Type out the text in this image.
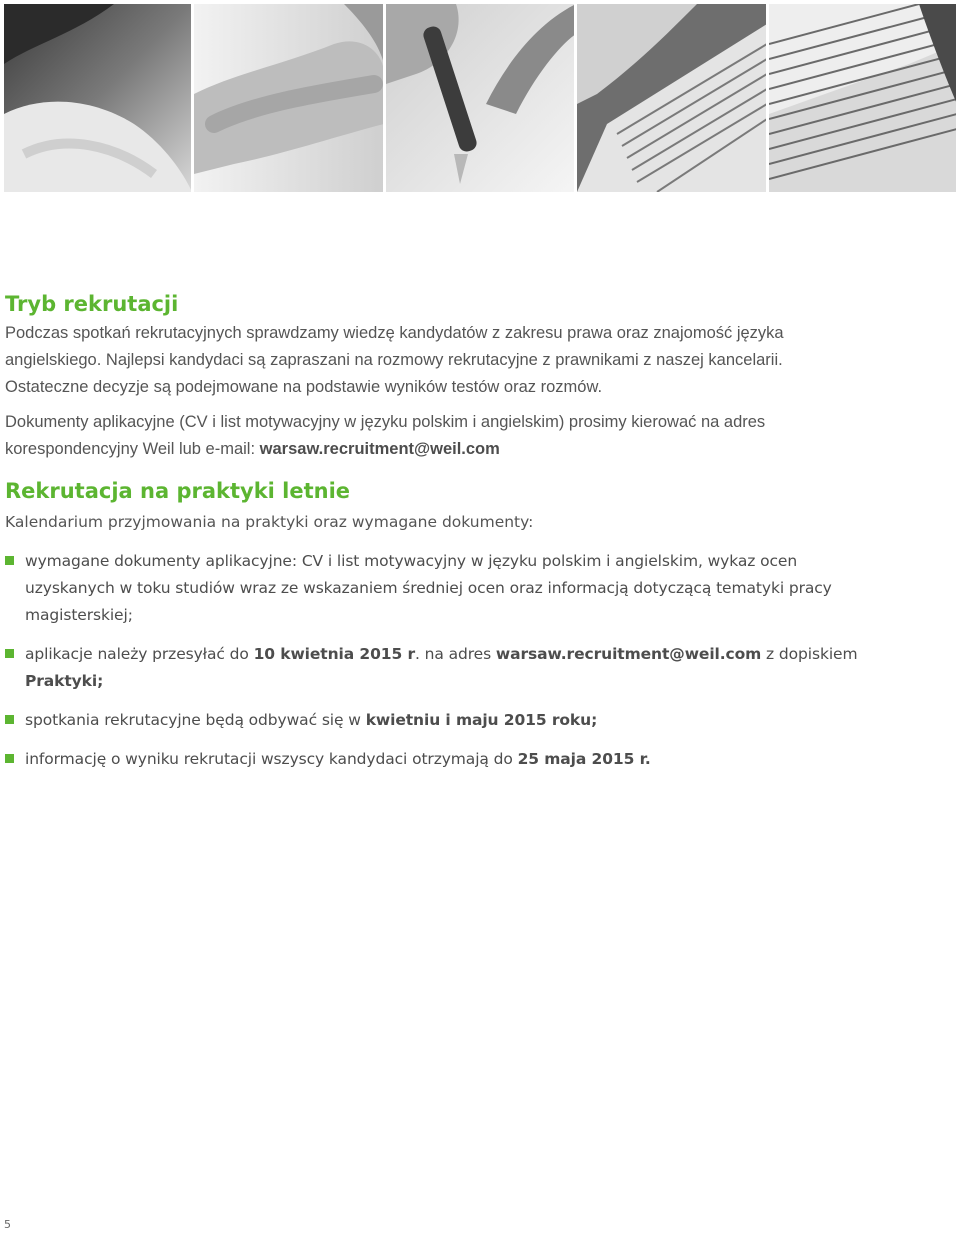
Tryb rekrutacji

Podczas spotkań rekrutacyjnych sprawdzamy wiedzę kandydatów z zakresu prawa oraz znajomość języka

angielskiego. Najlepsi kandydaci są zapraszani na rozmowy rekrutacyjne z prawnikami z naszej kancelarii.

Ostateczne decyzje są podejmowane na podstawie wyników testów oraz rozmów.

Dokumenty aplikacyjne (CV i list motywacyjny w języku polskim i angielskim) prosimy kierować na adres

korespondencyjny Weil lub e-mail: warsaw.recruitment@weil.com

Rekrutacja na praktyki letnie

Kalendarium przyjmowania na praktyki oraz wymagane dokumenty:

wymagane dokumenty aplikacyjne: CV i list motywacyjny w języku polskim i angielskim, wykaz ocen
uzyskanych w toku studiów wraz ze wskazaniem średniej ocen oraz informacją dotyczącą tematyki pracy
magisterskiej;
aplikacje należy przesyłać do 10 kwietnia 2015 r. na adres warsaw.recruitment@weil.com z dopiskiem
Praktyki;
spotkania rekrutacyjne będą odbywać się w kwietniu i maju 2015 roku;
informację o wyniku rekrutacji wszyscy kandydaci otrzymają do 25 maja 2015 r.
5
